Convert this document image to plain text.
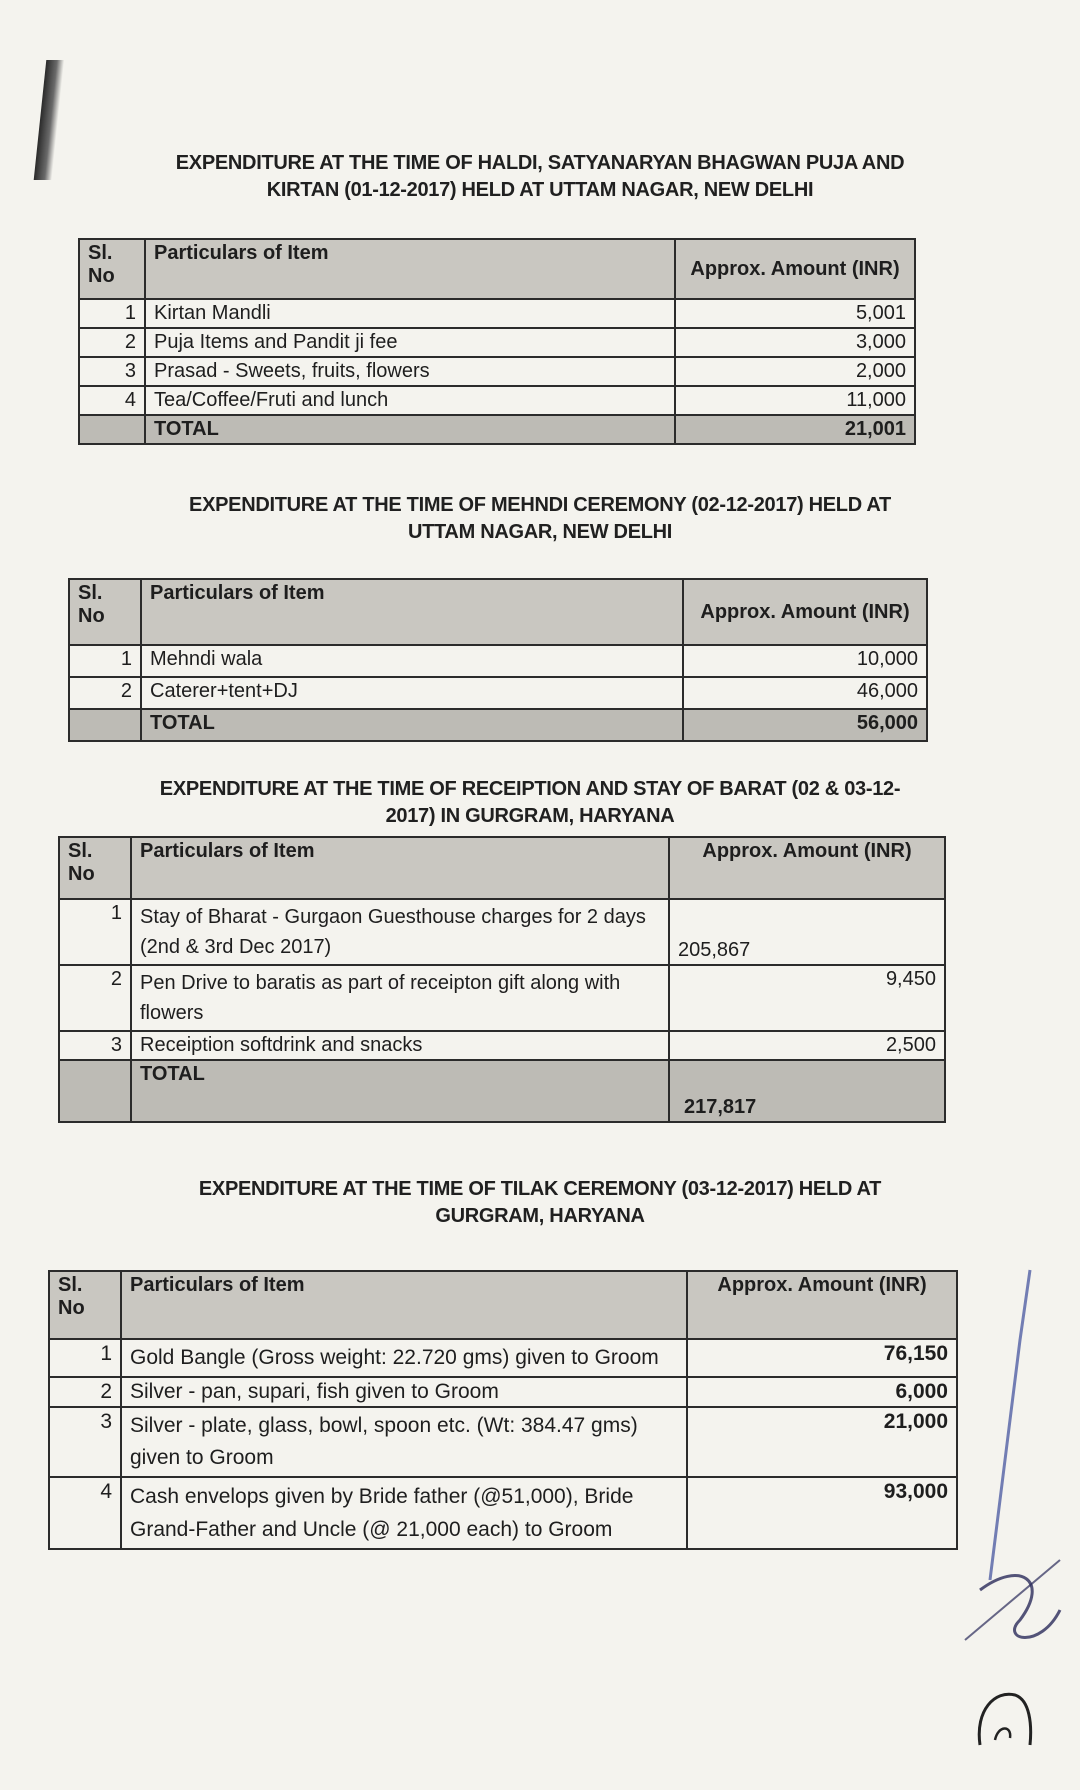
EXPENDITURE AT THE TIME OF HALDI, SATYANARYAN BHAGWAN PUJA AND
KIRTAN (01-12-2017) HELD AT UTTAM NAGAR, NEW DELHI
Sl. No	Particulars of Item	Approx. Amount (INR)
1	Kirtan Mandli	5,001
2	Puja Items and Pandit ji fee	3,000
3	Prasad - Sweets, fruits, flowers	2,000
4	Tea/Coffee/Fruti and lunch	11,000
	TOTAL	21,001
EXPENDITURE AT THE TIME OF MEHNDI CEREMONY (02-12-2017) HELD AT
UTTAM NAGAR, NEW DELHI
Sl. No	Particulars of Item	Approx. Amount (INR)
1	Mehndi wala	10,000
2	Caterer+tent+DJ	46,000
	TOTAL	56,000
EXPENDITURE AT THE TIME OF RECEIPTION AND STAY OF BARAT (02 & 03-12-
2017) IN GURGRAM, HARYANA
Sl. No	Particulars of Item	Approx. Amount (INR)
1	Stay of Bharat - Gurgaon Guesthouse charges for 2 days (2nd & 3rd Dec 2017)	205,867
2	Pen Drive to baratis as part of receipton gift along with flowers	9,450
3	Receiption softdrink and snacks	2,500
	TOTAL	217,817
EXPENDITURE AT THE TIME OF TILAK CEREMONY (03-12-2017) HELD AT
GURGRAM, HARYANA
Sl. No	Particulars of Item	Approx. Amount (INR)
1	Gold Bangle (Gross weight: 22.720 gms) given to Groom	76,150
2	Silver - pan, supari, fish given to Groom	6,000
3	Silver - plate, glass, bowl, spoon etc. (Wt: 384.47 gms) given to Groom	21,000
4	Cash envelops given by Bride father (@51,000), Bride Grand-Father and Uncle (@ 21,000 each) to Groom	93,000
